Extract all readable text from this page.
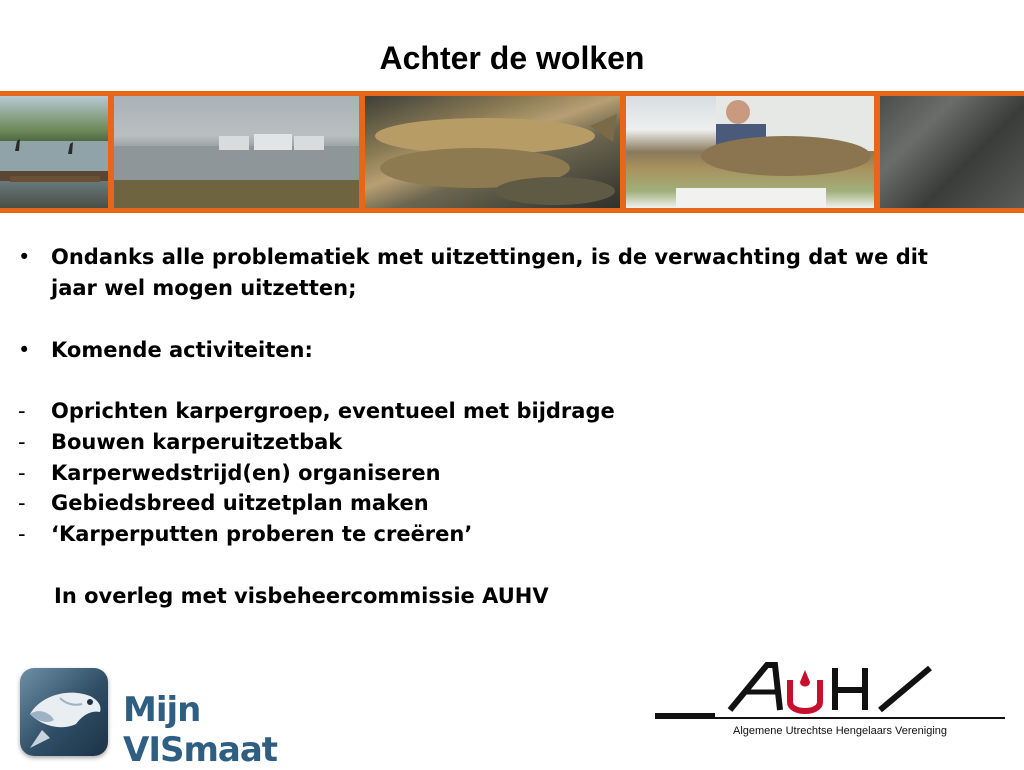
Achter de wolken
• Ondanks alle problematiek met uitzettingen, is de verwachting dat we dit jaar wel mogen uitzetten;
• Komende activiteiten:
- Oprichten karpergroep, eventueel met bijdrage
- Bouwen karperuitzetbak
- Karperwedstrijd(en) organiseren
- Gebiedsbreed uitzetplan maken
- ‘Karperputten proberen te creëren’
In overleg met visbeheercommissie AUHV
Mijn VISmaat	Algemene Utrechtse Hengelaars Vereniging
